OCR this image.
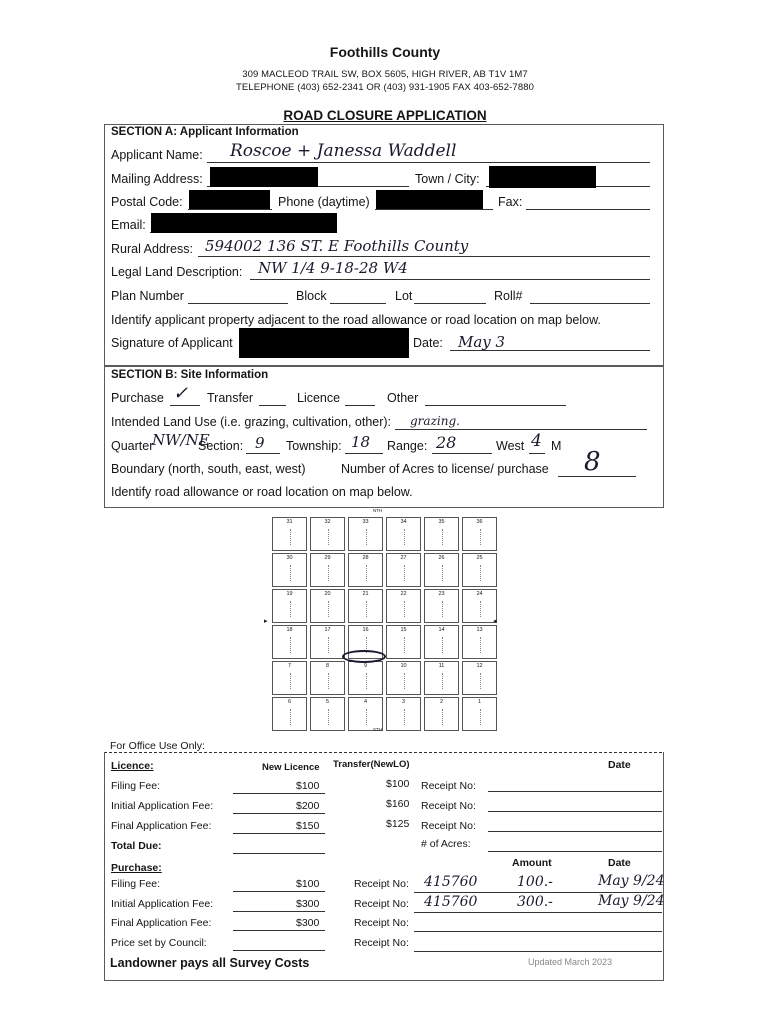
Foothills County
309 MACLEOD TRAIL SW, BOX 5605, HIGH RIVER, AB T1V 1M7
TELEPHONE (403) 652-2341 OR (403) 931-1905 FAX 403-652-7880
ROAD CLOSURE APPLICATION
SECTION A: Applicant Information
Applicant Name: Roscoe + Janessa Waddell
Mailing Address:	Town / City:
Postal Code:	Phone (daytime)	Fax:
Email:
Rural Address: 594002 136 ST. E Foothills County
Legal Land Description: NW 1/4 9-18-28 W4
Plan Number	Block	Lot	Roll#
Identify applicant property adjacent to the road allowance or road location on map below.
Signature of Applicant	Date: May 3
SECTION B: Site Information
Purchase ✓ Transfer	Licence	Other
Intended Land Use (i.e. grazing, cultivation, other): grazing.
Quarter
NW/NE
Section: 9 Township: 18 Range: 28	West 4 M
Boundary (north, south, east, west)	Number of Acres to license/ purchase 8
Identify road allowance or road location on map below.
NTH
31	32	33	34	35	36
30	29	28	27	26	25
19	20	21	22	23	24
18	17	16	15	14	13
7	8	9	10	11	12
6	5	4	3	2	1
STH
▸	◂
For Office Use Only:
Licence:	New Licence Transfer(NewLO)	Date
Filing Fee:	$100	$100 Receipt No:
Initial Application Fee:	$200	$160 Receipt No:
Final Application Fee:	$150	$125 Receipt No:
Total Due:	# of Acres:
Purchase:	Amount	Date
Filing Fee:	$100	Receipt No: 415760	100.-	May 9/24
Initial Application Fee:	$300	Receipt No: 415760	300.-	May 9/24
Final Application Fee:	$300	Receipt No:
Price set by Council:	Receipt No:
Landowner pays all Survey Costs	Updated March 2023
